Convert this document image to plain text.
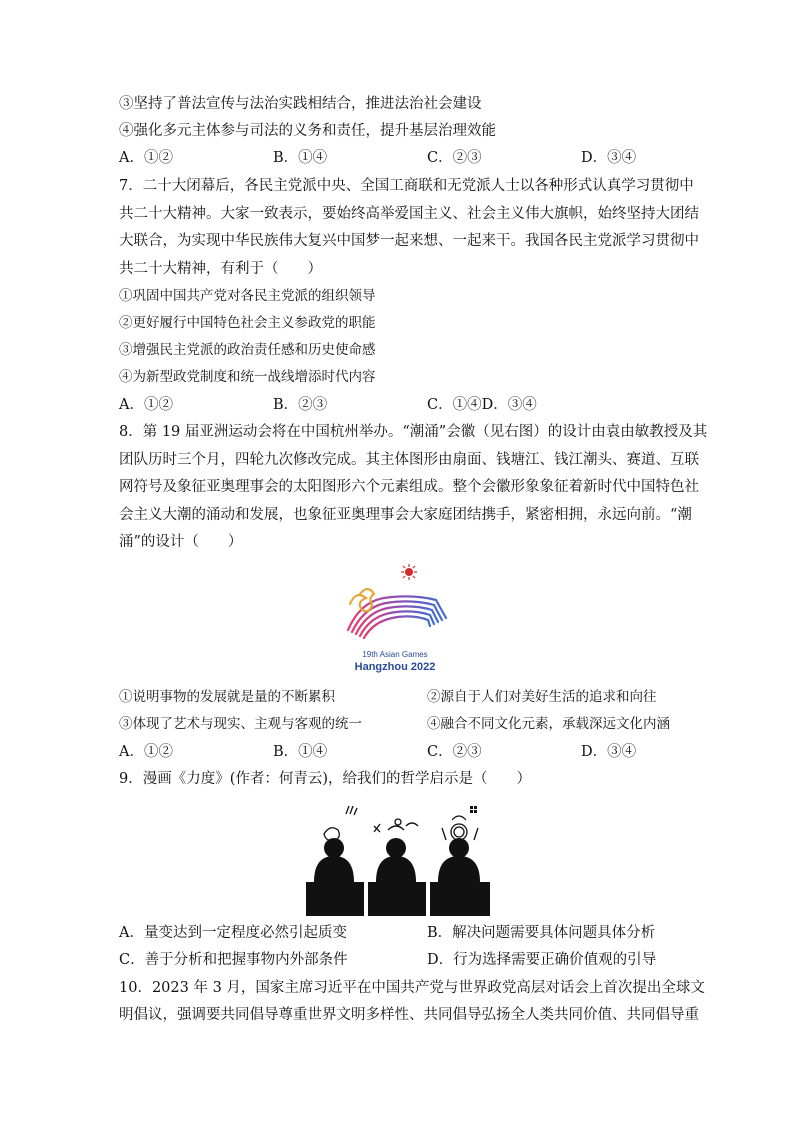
③坚持了普法宣传与法治实践相结合，推进法治社会建设
④强化多元主体参与司法的义务和责任，提升基层治理效能
A．①②	B．①④	C．②③	D．③④
7．二十大闭幕后，各民主党派中央、全国工商联和无党派人士以各种形式认真学习贯彻中
共二十大精神。大家一致表示，要始终高举爱国主义、社会主义伟大旗帜，始终坚持大团结
大联合，为实现中华民族伟大复兴中国梦一起来想、一起来干。我国各民主党派学习贯彻中
共二十大精神，有利于（　　）
①巩固中国共产党对各民主党派的组织领导
②更好履行中国特色社会主义参政党的职能
③增强民主党派的政治责任感和历史使命感
④为新型政党制度和统一战线增添时代内容
A．①②	B．②③	C．①④D．③④
8．第 19 届亚洲运动会将在中国杭州举办。“潮涌”会徽（见右图）的设计由袁由敏教授及其
团队历时三个月，四轮九次修改完成。其主体图形由扇面、钱塘江、钱江潮头、赛道、互联
网符号及象征亚奥理事会的太阳图形六个元素组成。整个会徽形象象征着新时代中国特色社
会主义大潮的涌动和发展，也象征亚奥理事会大家庭团结携手，紧密相拥，永远向前。“潮
涌”的设计（　　）
19th Asian Games
Hangzhou 2022
①说明事物的发展就是量的不断累积	②源自于人们对美好生活的追求和向往
③体现了艺术与现实、主观与客观的统一	④融合不同文化元素，承载深远文化内涵
A．①②	B．①④	C．②③	D．③④
9．漫画《力度》(作者：何青云)，给我们的哲学启示是（　　）
A．量变达到一定程度必然引起质变	B．解决问题需要具体问题具体分析
C．善于分析和把握事物内外部条件	D．行为选择需要正确价值观的引导
10．2023 年 3 月，国家主席习近平在中国共产党与世界政党高层对话会上首次提出全球文
明倡议，强调要共同倡导尊重世界文明多样性、共同倡导弘扬全人类共同价值、共同倡导重
